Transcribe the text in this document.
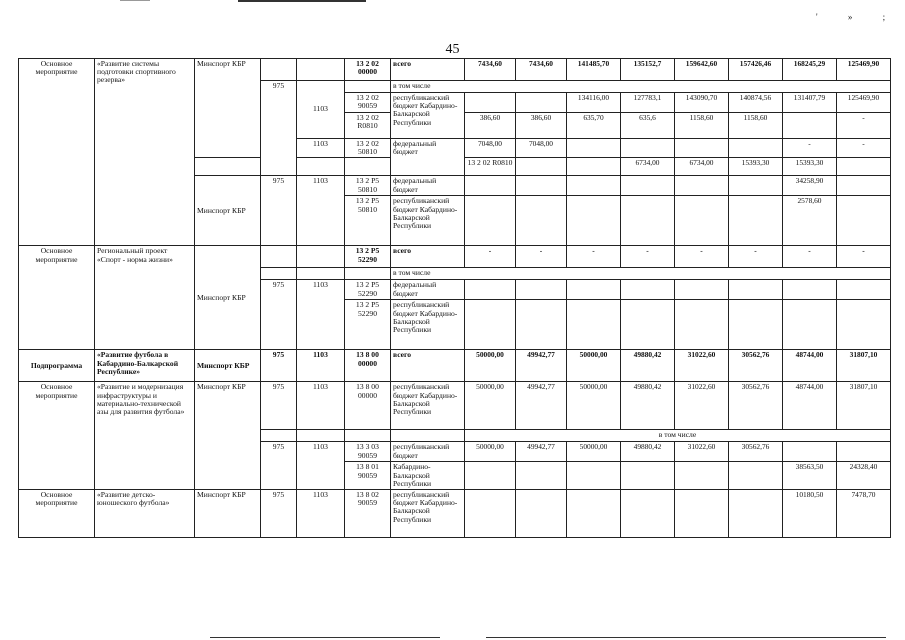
' » ;
45
Основное мероприятие	«Развитие системы подготовки спортивного резерва»	Минспорт КБР			13 2 02 00000	всего	7434,60	7434,60	141485,70	135152,7	159642,60	157426,46	168245,29	125469,90	
			975	1103		в том числе									
					13 2 02 90059	республиканский бюджет Кабардино-Балкарской Республики			134116,00	127783,1	143090,70	140874,56	131407,79	125469,90	
					13 2 02 R0810		386,60	386,60	635,70	635,6	1158,60	1158,60		-	
				1103	13 2 02 50810	федеральный бюджет	7048,00	7048,00					-	-	
							13 2 02 R0810			6734,00	6734,00	15393,30	15393,30		
		Минспорт КБР	975	1103	13 2 P5 50810	федеральный бюджет							34258,90		
					13 2 P5 50810	республиканский бюджет Кабардино-Балкарской Республики							2578,60		
Основное мероприятие	Региональный проект «Спорт - норма жизни»	Минспорт КБР			13 2 P5 52290	всего	-	-	-	-	-	-	-	-	
						в том числе									
			975	1103	13 2 P5 52290	федеральный бюджет									
					13 2 P5 52290	республиканский бюджет Кабардино-Балкарской Республики									
Подпрограмма	«Развитие футбола в Кабардино-Балкарской Республике»	Минспорт КБР	975	1103	13 8 00 00000	всего	50000,00	49942,77	50000,00	49880,42	31022,60	30562,76	48744,00	31807,10	
Основное мероприятие	«Развитие и модернизация инфраструктуры и материально-технической азы для развития футбола»	Минспорт КБР	975	1103	13 8 00 00000	республиканский бюджет Кабардино-Балкарской Республики	50000,00	49942,77	50000,00	49880,42	31022,60	30562,76	48744,00	31807,10	
							в том числе								
			975	1103	13 3 03 90059	республиканский бюджет	50000,00	49942,77	50000,00	49880,42	31022,60	30562,76			
					13 8 01 90059	Кабардино-Балкарской Республики							38563,50	24328,40	
Основное мероприятие	«Развитие детско-юношеского футбола»	Минспорт КБР	975	1103	13 8 02 90059	республиканский бюджет Кабардино-Балкарской Республики							10180,50	7478,70	
